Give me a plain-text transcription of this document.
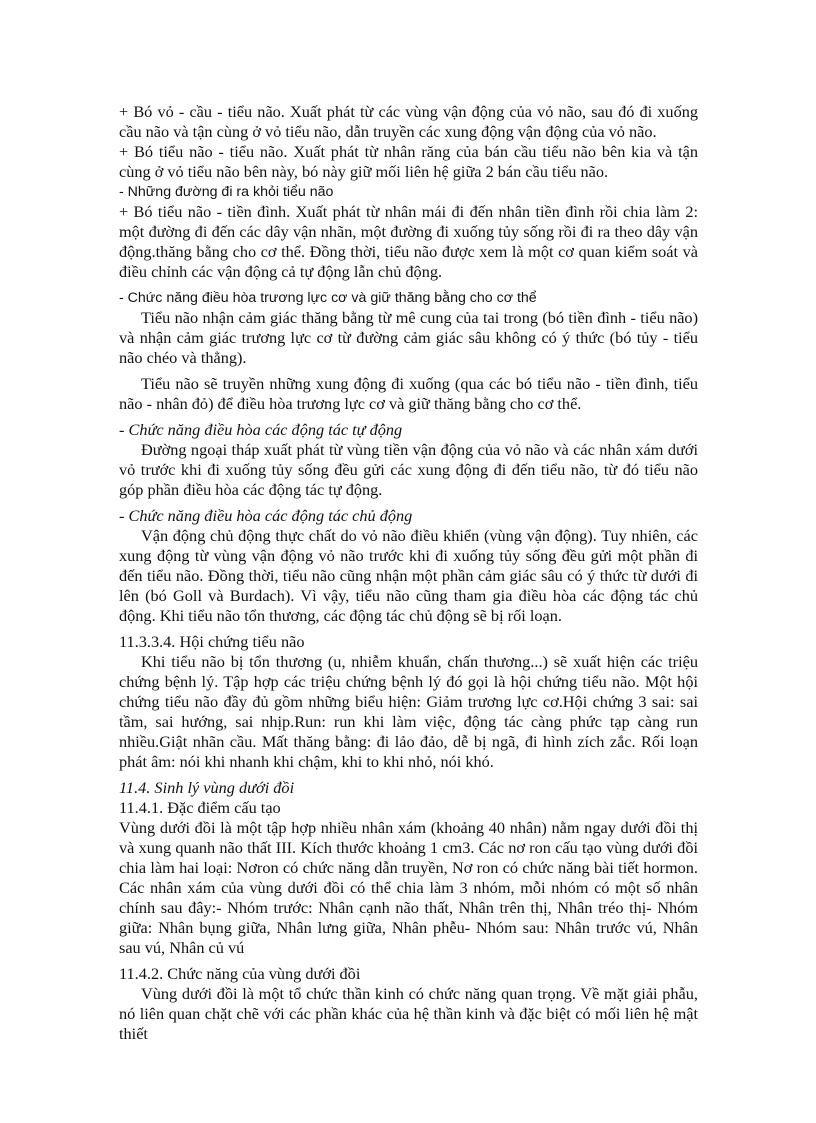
+ Bó vỏ - cầu - tiểu não. Xuất phát từ các vùng vận động của vỏ não, sau đó đi xuống cầu não và tận cùng ở vỏ tiểu não, dẫn truyền các xung động vận động của vỏ não.

+ Bó tiểu não - tiểu não. Xuất phát từ nhân răng của bán cầu tiểu não bên kia và tận cùng ở vỏ tiểu não bên này, bó này giữ mối liên hệ giữa 2 bán cầu tiểu não.

- Những đường đi ra khỏi tiểu não

+ Bó tiểu não - tiền đình. Xuất phát từ nhân mái đi đến nhân tiền đình rồi chia làm 2: một đường đi đến các dây vận nhãn, một đường đi xuống tủy sống rồi đi ra theo dây vận động.thăng bằng cho cơ thể. Đồng thời, tiểu não được xem là một cơ quan kiểm soát và điều chỉnh các vận động cả tự động lẫn chủ động.

- Chức năng điều hòa trương lực cơ và giữ thăng bằng cho cơ thể

Tiểu não nhận cảm giác thăng bằng từ mê cung của tai trong (bó tiền đình - tiểu não) và nhận cảm giác trương lực cơ từ đường cảm giác sâu không có ý thức (bó tủy - tiểu não chéo và thẳng).

Tiểu não sẽ truyền những xung động đi xuống (qua các bó tiểu não - tiền đình, tiểu não - nhân đỏ) để điều hòa trương lực cơ và giữ thăng bằng cho cơ thể.

- Chức năng điều hòa các động tác tự động

Đường ngoại tháp xuất phát từ vùng tiền vận động của vỏ não và các nhân xám dưới vỏ trước khi đi xuống tủy sống đều gửi các xung động đi đến tiểu não, từ đó tiểu não góp phần điều hòa các động tác tự động.

- Chức năng điều hòa các động tác chủ động

Vận động chủ động thực chất do vỏ não điều khiển (vùng vận động). Tuy nhiên, các xung động từ vùng vận động vỏ não trước khi đi xuống tủy sống đều gửi một phần đi đến tiểu não. Đồng thời, tiểu não cũng nhận một phần cảm giác sâu có ý thức từ dưới đi lên (bó Goll và Burdach). Vì vậy, tiểu não cũng tham gia điều hòa các động tác chủ động. Khi tiểu não tổn thương, các động tác chủ động sẽ bị rối loạn.

11.3.3.4. Hội chứng tiểu não

Khi tiểu não bị tổn thương (u, nhiễm khuẩn, chấn thương...) sẽ xuất hiện các triệu chứng bệnh lý. Tập hợp các triệu chứng bệnh lý đó gọi là hội chứng tiểu não. Một hội chứng tiểu não đầy đủ gồm những biểu hiện: Giảm trương lực cơ.Hội chứng 3 sai: sai tầm, sai hướng, sai nhịp.Run: run khi làm việc, động tác càng phức tạp càng run nhiều.Giật nhãn cầu. Mất thăng bằng: đi lảo đảo, dễ bị ngã, đi hình zích zắc. Rối loạn phát âm: nói khi nhanh khi chậm, khi to khi nhỏ, nói khó.

11.4. Sinh lý vùng dưới đồi

11.4.1. Đặc điểm cấu tạo

Vùng dưới đồi là một tập hợp nhiều nhân xám (khoảng 40 nhân) nằm ngay dưới đồi thị và xung quanh não thất III. Kích thước khoảng 1 cm3. Các nơ ron cấu tạo vùng dưới đồi chia làm hai loại: Nơron có chức năng dẫn truyền, Nơ ron có chức năng bài tiết hormon. Các nhân xám của vùng dưới đồi có thể chia làm 3 nhóm, mỗi nhóm có một số nhân chính sau đây:- Nhóm trước: Nhân cạnh não thất, Nhân trên thị, Nhân tréo thị- Nhóm giữa: Nhân bụng giữa, Nhân lưng giữa, Nhân phễu- Nhóm sau: Nhân trước vú, Nhân sau vú, Nhân củ vú

11.4.2. Chức năng của vùng dưới đồi

Vùng dưới đồi là một tổ chức thần kinh có chức năng quan trọng. Về mặt giải phẫu, nó liên quan chặt chẽ với các phần khác của hệ thần kinh và đặc biệt có mối liên hệ mật thiết
